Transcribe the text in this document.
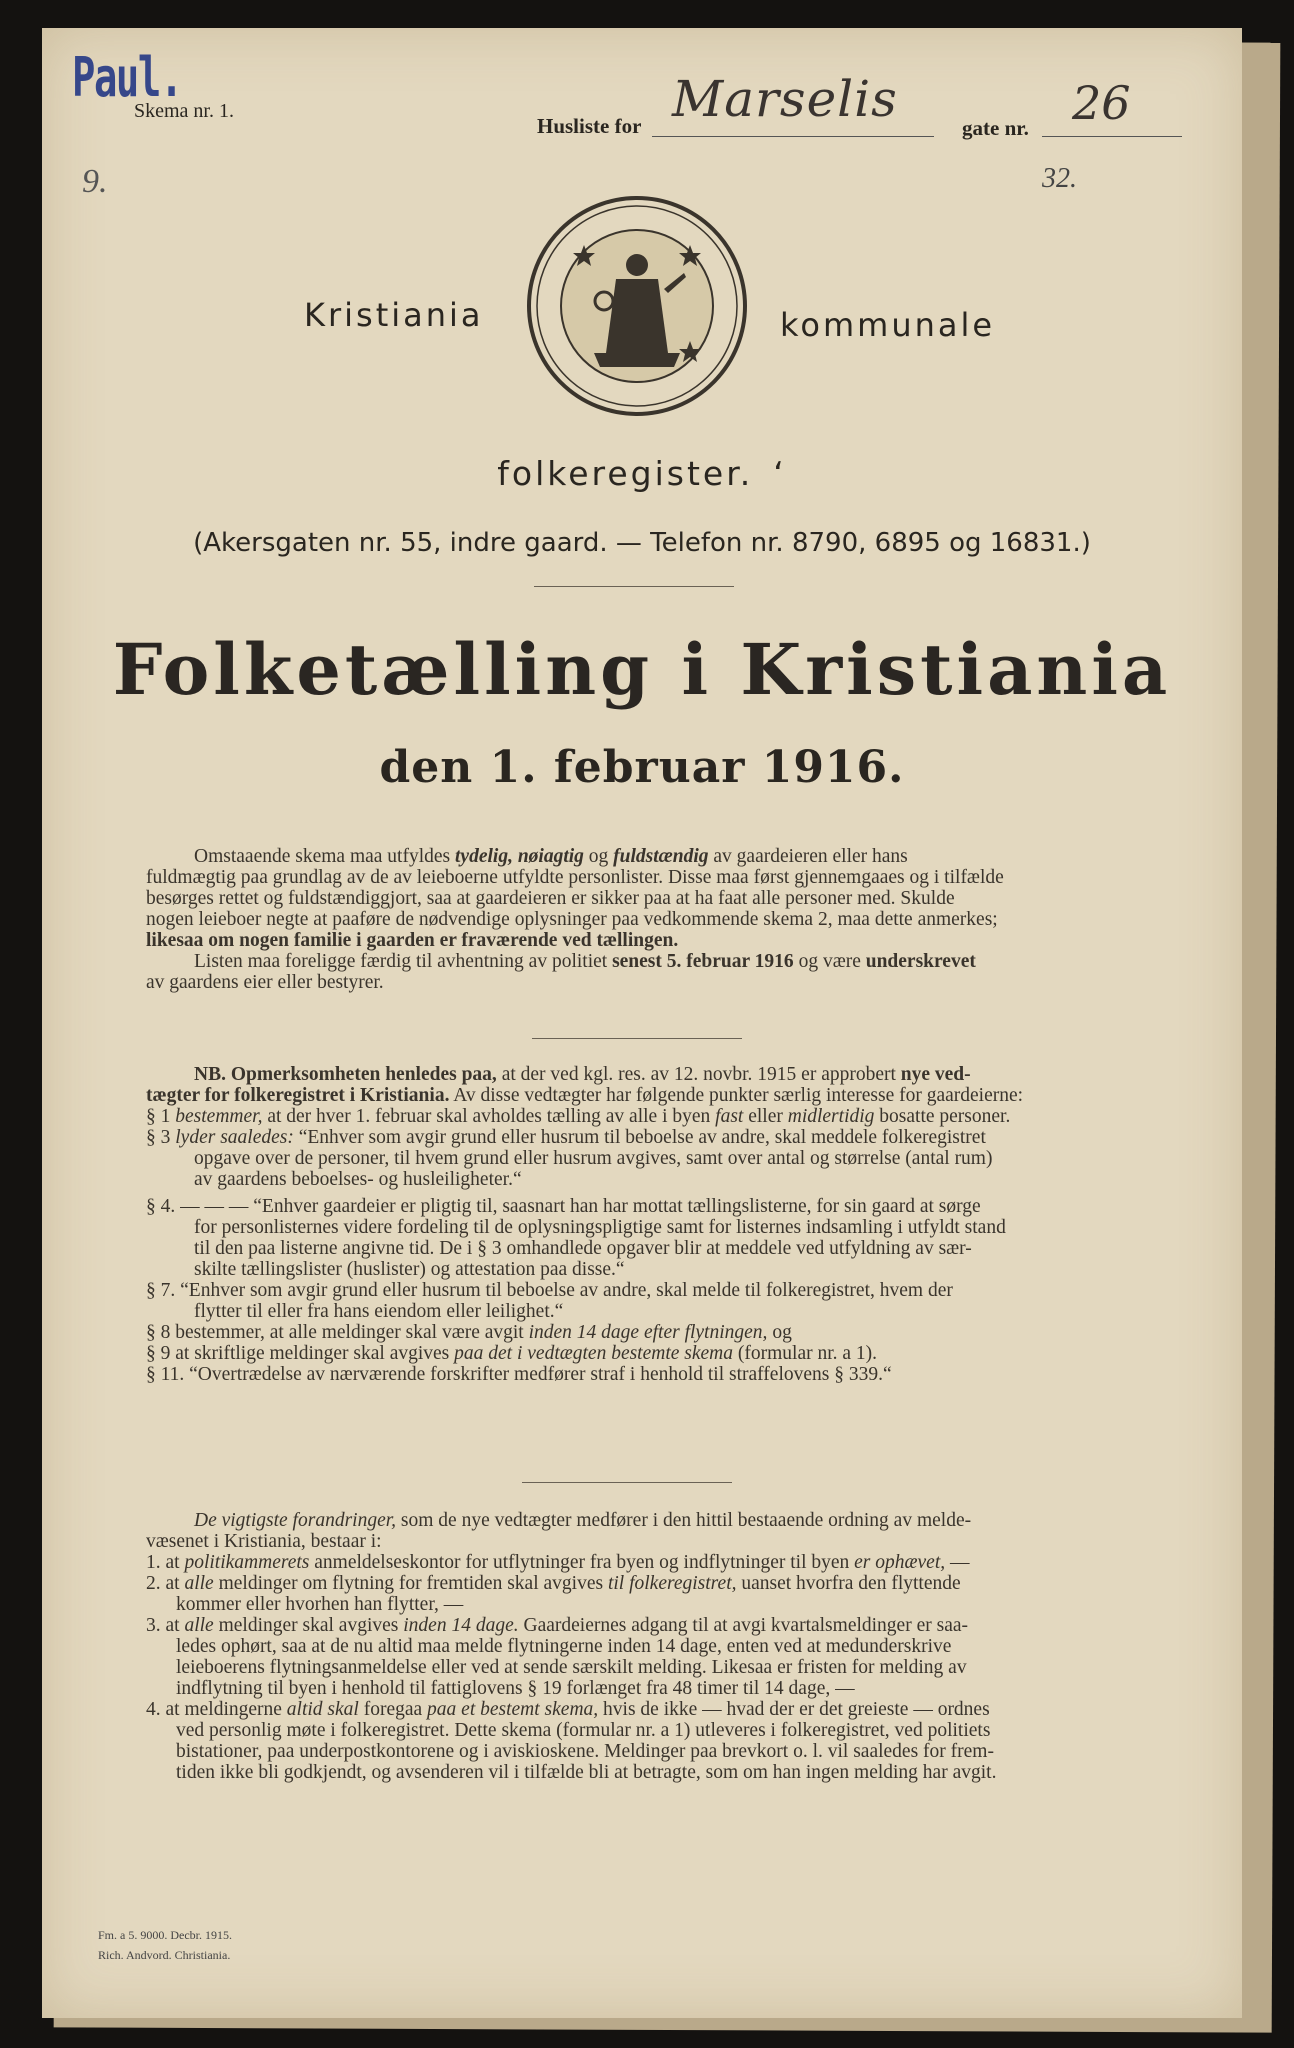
Paul.
Skema nr. 1.
Husliste for Marselis	gate nr. 26
9.	32.
Kristiania	kommunale
folkeregister. ‘
(Akersgaten nr. 55, indre gaard. — Telefon nr. 8790, 6895 og 16831.)
Folketælling i Kristiania
den 1. februar 1916.
Omstaaende skema maa utfyldes tydelig, nøiagtig og fuldstændig av gaardeieren eller hans
fuldmægtig paa grundlag av de av leieboerne utfyldte personlister. Disse maa først gjennemgaaes og i tilfælde
besørges rettet og fuldstændiggjort, saa at gaardeieren er sikker paa at ha faat alle personer med. Skulde
nogen leieboer negte at paaføre de nødvendige oplysninger paa vedkommende skema 2, maa dette anmerkes;
likesaa om nogen familie i gaarden er fraværende ved tællingen.
Listen maa foreligge færdig til avhentning av politiet senest 5. februar 1916 og være underskrevet
av gaardens eier eller bestyrer.
NB. Opmerksomheten henledes paa, at der ved kgl. res. av 12. novbr. 1915 er approbert nye ved-
tægter for folkeregistret i Kristiania. Av disse vedtægter har følgende punkter særlig interesse for gaardeierne:
§ 1 bestemmer, at der hver 1. februar skal avholdes tælling av alle i byen fast eller midlertidig bosatte personer.
§ 3 lyder saaledes: “Enhver som avgir grund eller husrum til beboelse av andre, skal meddele folkeregistret
opgave over de personer, til hvem grund eller husrum avgives, samt over antal og størrelse (antal rum)
av gaardens beboelses- og husleiligheter.“
§ 4. — — — “Enhver gaardeier er pligtig til, saasnart han har mottat tællingslisterne, for sin gaard at sørge
for personlisternes videre fordeling til de oplysningspligtige samt for listernes indsamling i utfyldt stand
til den paa listerne angivne tid. De i § 3 omhandlede opgaver blir at meddele ved utfyldning av sær-
skilte tællingslister (huslister) og attestation paa disse.“
§ 7. “Enhver som avgir grund eller husrum til beboelse av andre, skal melde til folkeregistret, hvem der
flytter til eller fra hans eiendom eller leilighet.“
§ 8 bestemmer, at alle meldinger skal være avgit inden 14 dage efter flytningen, og
§ 9 at skriftlige meldinger skal avgives paa det i vedtægten bestemte skema (formular nr. a 1).
§ 11. “Overtrædelse av nærværende forskrifter medfører straf i henhold til straffelovens § 339.“
De vigtigste forandringer, som de nye vedtægter medfører i den hittil bestaaende ordning av melde-
væsenet i Kristiania, bestaar i:
1. at politikammerets anmeldelseskontor for utflytninger fra byen og indflytninger til byen er ophævet, —
2. at alle meldinger om flytning for fremtiden skal avgives til folkeregistret, uanset hvorfra den flyttende
kommer eller hvorhen han flytter, —
3. at alle meldinger skal avgives inden 14 dage. Gaardeiernes adgang til at avgi kvartalsmeldinger er saa-
ledes ophørt, saa at de nu altid maa melde flytningerne inden 14 dage, enten ved at medunderskrive
leieboerens flytningsanmeldelse eller ved at sende særskilt melding. Likesaa er fristen for melding av
indflytning til byen i henhold til fattiglovens § 19 forlænget fra 48 timer til 14 dage, —
4. at meldingerne altid skal foregaa paa et bestemt skema, hvis de ikke — hvad der er det greieste — ordnes
ved personlig møte i folkeregistret. Dette skema (formular nr. a 1) utleveres i folkeregistret, ved politiets
bistationer, paa underpostkontorene og i aviskioskene. Meldinger paa brevkort o. l. vil saaledes for frem-
tiden ikke bli godkjendt, og avsenderen vil i tilfælde bli at betragte, som om han ingen melding har avgit.
Fm. a 5. 9000. Decbr. 1915.
Rich. Andvord. Christiania.
